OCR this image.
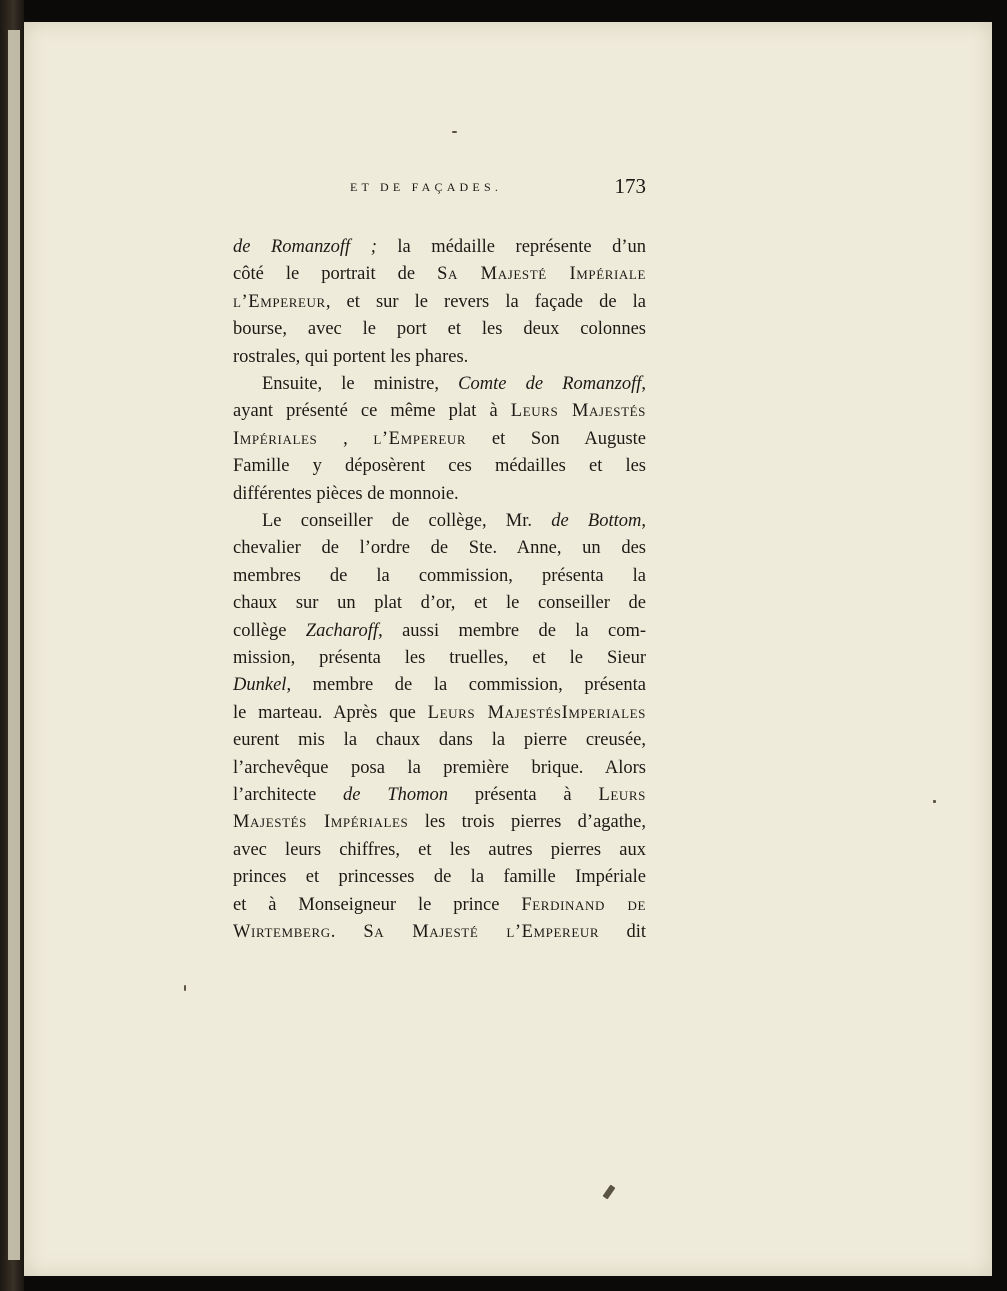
ET DE FAÇADES.	173
de Romanzoff ; la médaille représente d’un
côté le portrait de Sa Majesté Impériale
l’Empereur, et sur le revers la façade de la
bourse, avec le port et les deux colonnes
rostrales, qui portent les phares.
Ensuite, le ministre, Comte de Romanzoff,
ayant présenté ce même plat à Leurs Majestés
Impériales , l’Empereur et Son Auguste
Famille y déposèrent ces médailles et les
différentes pièces de monnoie.
Le conseiller de collège, Mr. de Bottom,
chevalier de l’ordre de Ste. Anne, un des
membres de la commission, présenta la
chaux sur un plat d’or, et le conseiller de
collège Zacharoff, aussi membre de la com-
mission, présenta les truelles, et le Sieur
Dunkel, membre de la commission, présenta
le marteau. Après que Leurs MajestésImperiales
eurent mis la chaux dans la pierre creusée,
l’archevêque posa la première brique. Alors
l’architecte de Thomon présenta à Leurs
Majestés Impériales les trois pierres d’agathe,
avec leurs chiffres, et les autres pierres aux
princes et princesses de la famille Impériale
et à Monseigneur le prince Ferdinand de
Wirtemberg. Sa Majesté l’Empereur dit
